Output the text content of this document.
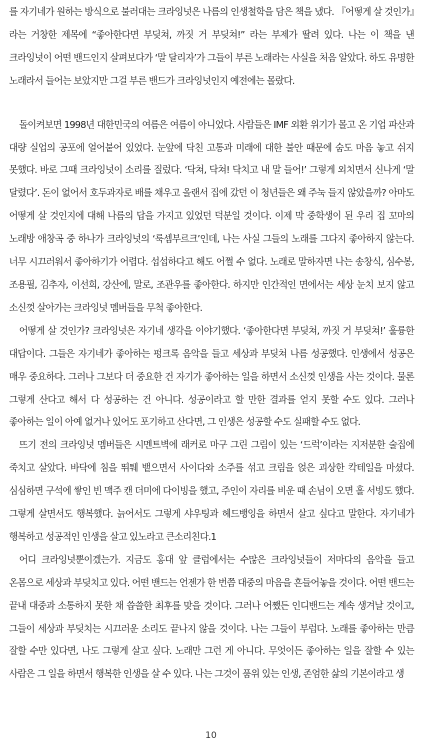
를 자기네가 원하는 방식으로 불러대는 크라잉넛은 나름의 인생철학을 담은 책을 냈다. 『어떻게 살 것인가』라는 거창한 제목에 “좋아한다면 부딪쳐, 까짓 거 부딪쳐!” 라는 부제가 딸려 있다. 나는 이 책을 낸 크라잉넛이 어떤 밴드인지 살펴보다가 ‘말 달리자’가 그들이 부른 노래라는 사실을 처음 알았다. 하도 유명한 노래라서 들어는 보았지만 그걸 부른 밴드가 크라잉넛인지 예전에는 몰랐다.

돌이켜보면 1998년 대한민국의 여름은 여름이 아니었다. 사람들은 IMF 외환 위기가 몰고 온 기업 파산과 대량 실업의 공포에 얼어붙어 있었다. 눈앞에 닥친 고통과 미래에 대한 불안 때문에 숨도 마음 놓고 쉬지 못했다. 바로 그때 크라잉넛이 소리를 질렀다. ‘닥쳐, 닥쳐! 닥치고 내 말 들어!’ 그렇게 외치면서 신나게 ‘말 달렸다’. 돈이 없어서 호두과자로 배를 채우고 올랜서 집에 갔던 이 청년들은 왜 주눅 들지 않았을까? 아마도 어떻게 살 것인지에 대해 나름의 답을 가지고 있었던 덕분일 것이다. 이제 막 중학생이 된 우리 집 꼬마의 노래방 애창곡 중 하나가 크라잉넛의 ‘룩셈부르크’인데, 나는 사실 그들의 노래를 그다지 좋아하지 않는다. 너무 시끄러워서 좋아하기가 어렵다. 섭섭하다고 해도 어쩔 수 없다. 노래로 말하자면 나는 송창식, 심수봉, 조용필, 김추자, 이선희, 강산에, 말로, 조관우를 좋아한다. 하지만 인간적인 면에서는 세상 눈치 보지 않고 소신껏 살아가는 크라잉넛 멤버들을 무척 좋아한다.

어떻게 살 것인가? 크라잉넛은 자기네 생각을 이야기했다. ‘좋아한다면 부딪쳐, 까짓 거 부딪쳐!’ 훌륭한 대답이다. 그들은 자기네가 좋아하는 펑크록 음악을 들고 세상과 부딪쳐 나름 성공했다. 인생에서 성공은 매우 중요하다. 그러나 그보다 더 중요한 건 자기가 좋아하는 일을 하면서 소신껏 인생을 사는 것이다. 물론 그렇게 산다고 해서 다 성공하는 건 아니다. 성공이라고 할 만한 결과를 얻지 못할 수도 있다. 그러나 좋아하는 일이 아예 없거나 있어도 포기하고 산다면, 그 인생은 성공할 수도 실패할 수도 없다.

뜨기 전의 크라잉넛 멤버들은 시멘트벽에 래커로 마구 그린 그림이 있는 ‘드럭’이라는 지저분한 술집에 죽치고 살았다. 바닥에 침을 뛰퉤 뱉으면서 사이다와 소주를 섞고 크림을 얹은 괴상한 칵테일을 마셨다. 심심하면 구석에 쌓인 빈 맥주 캔 더미에 다이빙을 했고, 주인이 자리를 비운 때 손님이 오면 홀 서빙도 했다. 그렇게 살면서도 행복했다. 늙어서도 그렇게 샤우팅과 헤드뱅잉을 하면서 살고 싶다고 말한다. 자기네가 행복하고 성공적인 인생을 살고 있노라고 큰소리친다.1

어디 크라잉넛뿐이겠는가. 지금도 홍대 앞 클럽에서는 수많은 크라잉넛들이 저마다의 음악을 들고 온몸으로 세상과 부딪치고 있다. 어떤 밴드는 언젠가 한 번쯤 대중의 마음을 흔들어놓을 것이다. 어떤 밴드는 끝내 대중과 소통하지 못한 채 씁쓸한 최후를 맞을 것이다. 그러나 어쨌든 인디밴드는 계속 생겨날 것이고, 그들이 세상과 부딪치는 시끄러운 소리도 끝나지 않을 것이다. 나는 그들이 부럽다. 노래를 좋아하는 만큼 잘할 수만 있다면, 나도 그렇게 살고 싶다. 노래만 그런 게 아니다. 무엇이든 좋아하는 일을 잘할 수 있는 사람은 그 일을 하면서 행복한 인생을 살 수 있다. 나는 그것이 품위 있는 인생, 존엄한 삶의 기본이라고 생

10
